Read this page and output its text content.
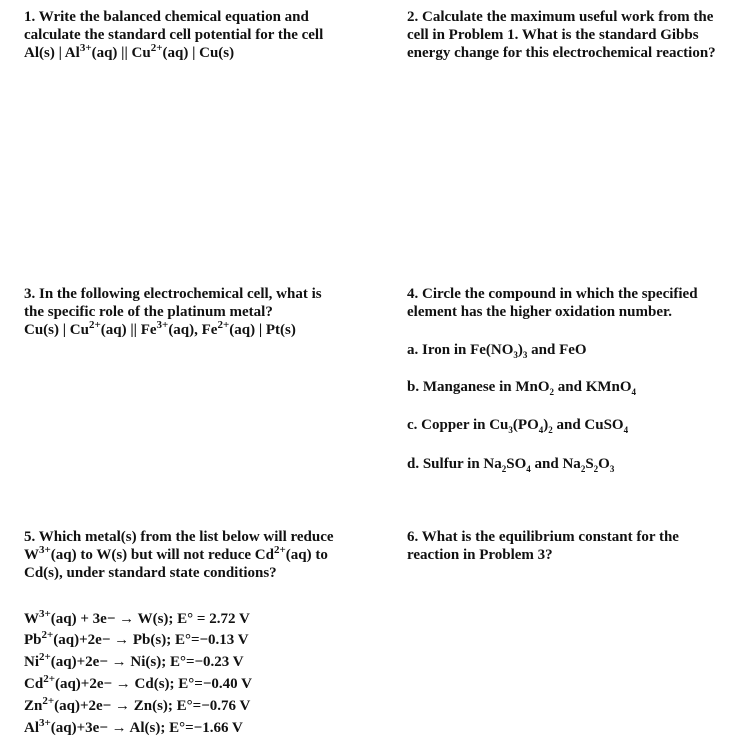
1. Write the balanced chemical equation and

calculate the standard cell potential for the cell

Al(s) | $Al^{3+}(aq)$ || $Cu^{2+}(aq)$ | Cu(s)

2. Calculate the maximum useful work from the

cell in Problem 1. What is the standard Gibbs

energy change for this electrochemical reaction?

3. In the following electrochemical cell, what is

the specific role of the platinum metal?

Cu(s) | $Cu^{2+}(aq)$ || $Fe^{3+}(aq)$, $Fe^{2+}(aq)$ | Pt(s)

4. Circle the compound in which the specified

element has the higher oxidation number.

a. Iron in $Fe(NO_3)_3$ and FeO
b. Manganese in MnO$_2$ and KMnO$_4$
c. Copper in $Cu_3(PO_4)_2$ and CuSO$_4$
d. Sulfur in $Na_2SO_4$ and $Na_2S_2O_3$

5. Which metal(s) from the list below will reduce

$W^{3+}(aq)$ to W(s) but will not reduce $Cd^{2+}(aq)$ to

Cd(s), under standard state conditions?

$W^{3+}(aq) + 3e- \to W(s)$; E° = 2.72 V
$Pb^{2+}(aq)+2e- \to Pb(s)$; E°=−0.13 V
$Ni^{2+}(aq)+2e- \to Ni(s)$; E°=−0.23 V
$Cd^{2+}(aq)+2e- \to Cd(s)$; E°=−0.40 V
$Zn^{2+}(aq)+2e- \to Zn(s)$; E°=−0.76 V
$Al^{3+}(aq)+3e- \to Al(s)$; E°=−1.66 V

6. What is the equilibrium constant for the

reaction in Problem 3?
